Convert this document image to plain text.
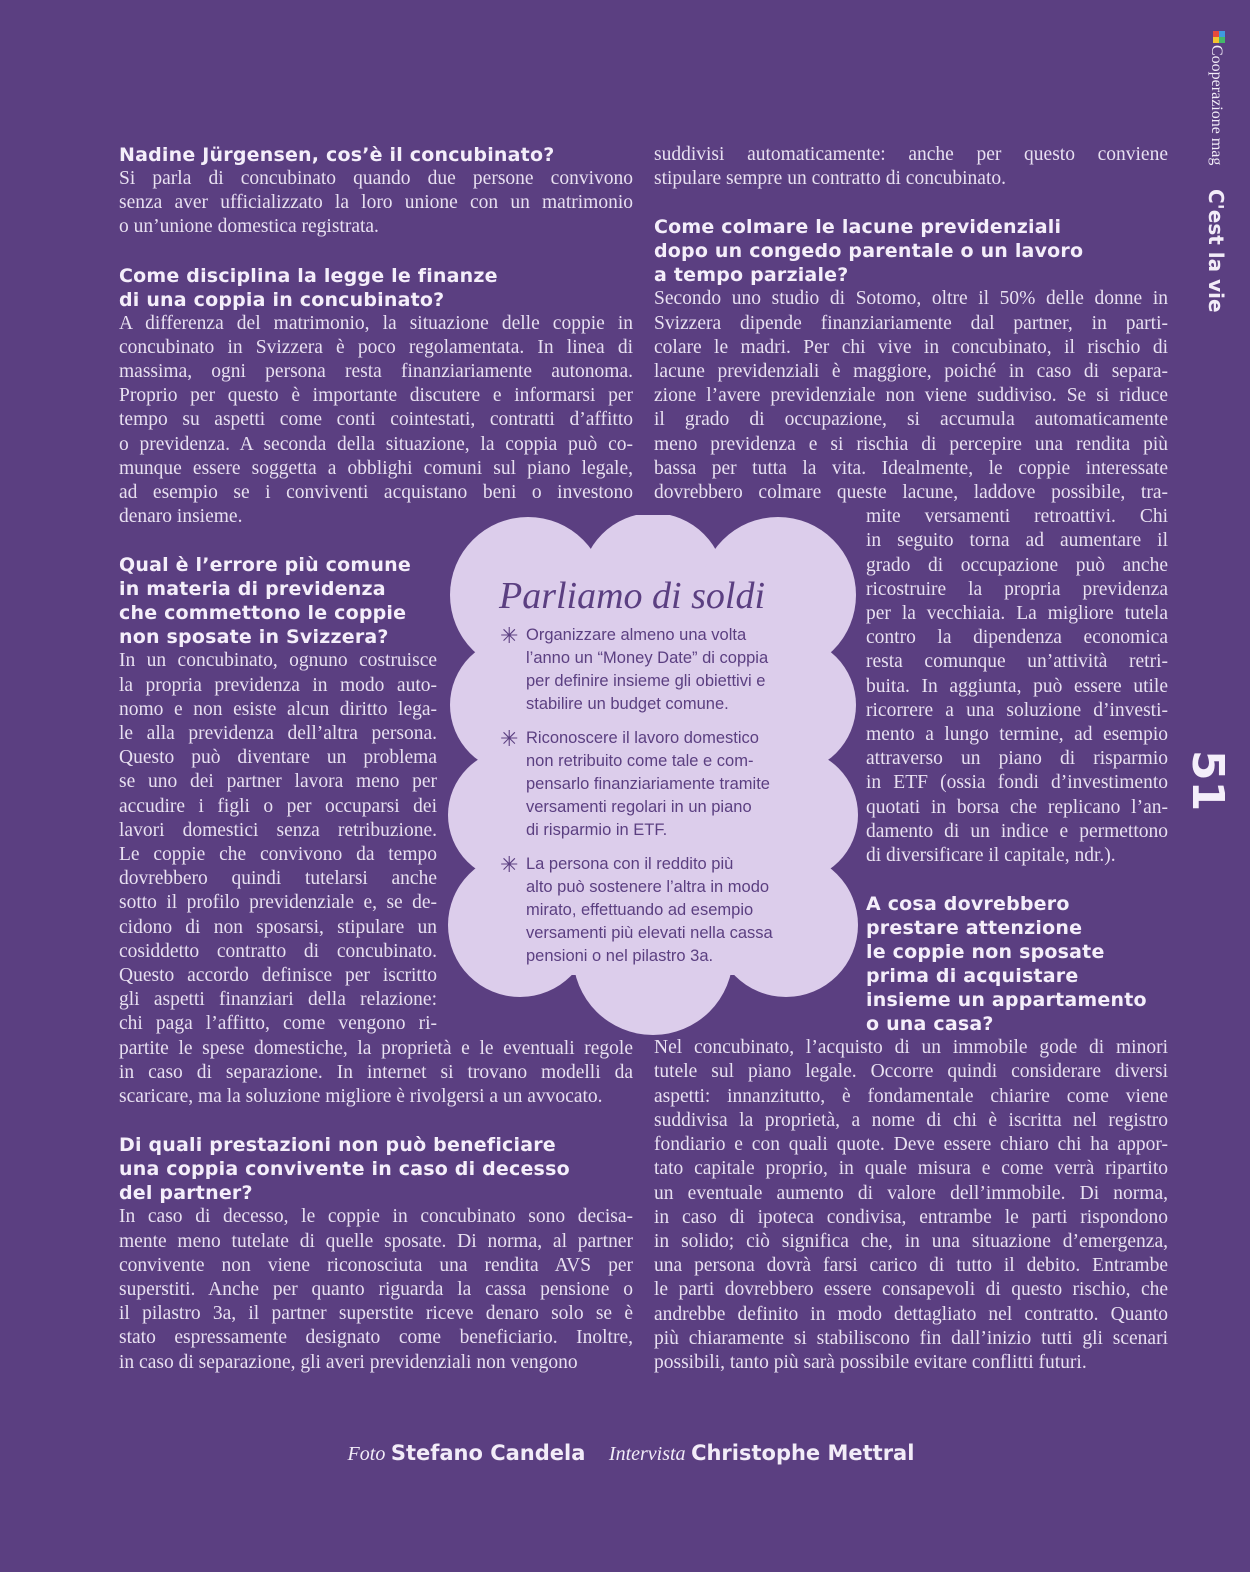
Cooperazione mag C'est la vie
51
Nadine Jürgensen, cos’è il concubinato?
Si parla di concubinato quando due persone convivono
senza aver ufficializzato la loro unione con un matrimonio
o un’unione domestica registrata.
Come disciplina la legge le finanze
di una coppia in concubinato?
A differenza del matrimonio, la situazione delle coppie in
concubinato in Svizzera è poco regolamentata. In linea di
massima, ogni persona resta finanziariamente autonoma.
Proprio per questo è importante discutere e informarsi per
tempo su aspetti come conti cointestati, contratti d’affitto
o previdenza. A seconda della situazione, la coppia può co-
munque essere soggetta a obblighi comuni sul piano legale,
ad esempio se i conviventi acquistano beni o investono
denaro insieme.
Qual è l’errore più comune
in materia di previdenza
che commettono le coppie
non sposate in Svizzera?
In un concubinato, ognuno costruisce
la propria previdenza in modo auto-
nomo e non esiste alcun diritto lega-
le alla previdenza dell’altra persona.
Questo può diventare un problema
se uno dei partner lavora meno per
accudire i figli o per occuparsi dei
lavori domestici senza retribuzione.
Le coppie che convivono da tempo
dovrebbero quindi tutelarsi anche
sotto il profilo previdenziale e, se de-
cidono di non sposarsi, stipulare un
cosiddetto contratto di concubinato.
Questo accordo definisce per iscritto
gli aspetti finanziari della relazione:
chi paga l’affitto, come vengono ri-
partite le spese domestiche, la proprietà e le eventuali regole
in caso di separazione. In internet si trovano modelli da
scaricare, ma la soluzione migliore è rivolgersi a un avvocato.
Di quali prestazioni non può beneficiare
una coppia convivente in caso di decesso
del partner?
In caso di decesso, le coppie in concubinato sono decisa-
mente meno tutelate di quelle sposate. Di norma, al partner
convivente non viene riconosciuta una rendita AVS per
superstiti. Anche per quanto riguarda la cassa pensione o
il pilastro 3a, il partner superstite riceve denaro solo se è
stato espressamente designato come beneficiario. Inoltre,
in caso di separazione, gli averi previdenziali non vengono
suddivisi automaticamente: anche per questo conviene
stipulare sempre un contratto di concubinato.
Come colmare le lacune previdenziali
dopo un congedo parentale o un lavoro
a tempo parziale?
Secondo uno studio di Sotomo, oltre il 50% delle donne in
Svizzera dipende finanziariamente dal partner, in parti-
colare le madri. Per chi vive in concubinato, il rischio di
lacune previdenziali è maggiore, poiché in caso di separa-
zione l’avere previdenziale non viene suddiviso. Se si riduce
il grado di occupazione, si accumula automaticamente
meno previdenza e si rischia di percepire una rendita più
bassa per tutta la vita. Idealmente, le coppie interessate
dovrebbero colmare queste lacune, laddove possibile, tra-
mite versamenti retroattivi. Chi
in seguito torna ad aumentare il
grado di occupazione può anche
ricostruire la propria previdenza
per la vecchiaia. La migliore tutela
contro la dipendenza economica
resta comunque un’attività retri-
buita. In aggiunta, può essere utile
ricorrere a una soluzione d’investi-
mento a lungo termine, ad esempio
attraverso un piano di risparmio
in ETF (ossia fondi d’investimento
quotati in borsa che replicano l’an-
damento di un indice e permettono
di diversificare il capitale, ndr.).
A cosa dovrebbero
prestare attenzione
le coppie non sposate
prima di acquistare
insieme un appartamento
o una casa?
Nel concubinato, l’acquisto di un immobile gode di minori
tutele sul piano legale. Occorre quindi considerare diversi
aspetti: innanzitutto, è fondamentale chiarire come viene
suddivisa la proprietà, a nome di chi è iscritta nel registro
fondiario e con quali quote. Deve essere chiaro chi ha appor-
tato capitale proprio, in quale misura e come verrà ripartito
un eventuale aumento di valore dell’immobile. Di norma,
in caso di ipoteca condivisa, entrambe le parti rispondono
in solido; ciò significa che, in una situazione d’emergenza,
una persona dovrà farsi carico di tutto il debito. Entrambe
le parti dovrebbero essere consapevoli di questo rischio, che
andrebbe definito in modo dettagliato nel contratto. Quanto
più chiaramente si stabiliscono fin dall’inizio tutti gli scenari
possibili, tanto più sarà possibile evitare conflitti futuri.
Parliamo di soldi
✳ Organizzare almeno una volta
l’anno un “Money Date” di coppia
per definire insieme gli obiettivi e
stabilire un budget comune.
✳ Riconoscere il lavoro domestico
non retribuito come tale e com-
pensarlo finanziariamente tramite
versamenti regolari in un piano
di risparmio in ETF.
✳ La persona con il reddito più
alto può sostenere l’altra in modo
mirato, effettuando ad esempio
versamenti più elevati nella cassa
pensioni o nel pilastro 3a.
Foto Stefano Candela Intervista Christophe Mettral
